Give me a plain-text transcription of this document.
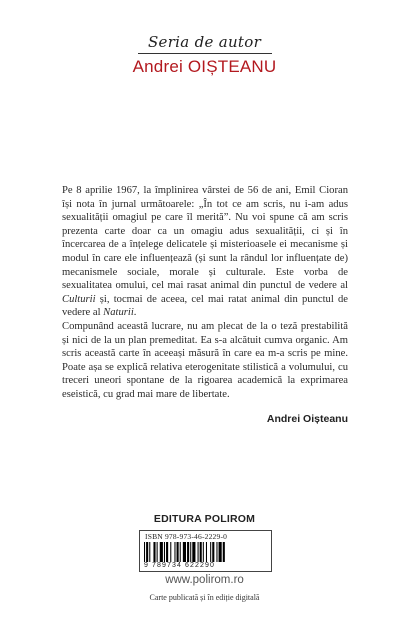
Seria de autor
Andrei OIȘTEANU

Pe 8 aprilie 1967, la împlinirea vârstei de 56 de ani, Emil Cioran își nota în jurnal următoarele: „În tot ce am scris, nu i-am adus sexualității omagiul pe care îl merită”. Nu voi spune că am scris prezenta carte doar ca un omagiu adus sexualității, ci și în încercarea de a înțelege delicatele și misterioasele ei mecanisme și modul în care ele influențează (și sunt la rândul lor influențate de) mecanismele sociale, morale și culturale. Este vorba de sexualitatea omului, cel mai rasat animal din punctul de vedere al Culturii și, tocmai de aceea, cel mai ratat animal din punctul de vedere al Naturii.

Compunând această lucrare, nu am plecat de la o teză prestabilită și nici de la un plan premeditat. Ea s-a alcătuit cumva organic. Am scris această carte în aceeași măsură în care ea m-a scris pe mine. Poate așa se explică relativa eterogenitate stilistică a volumului, cu treceri uneori spontane de la rigoarea academică la exprimarea eseistică, cu grad mai mare de libertate.

Andrei Oișteanu
EDITURA POLIROM
ISBN 978-973-46-2229-0
9 789734 622290
www.polirom.ro
Carte publicată și în ediție digitală
